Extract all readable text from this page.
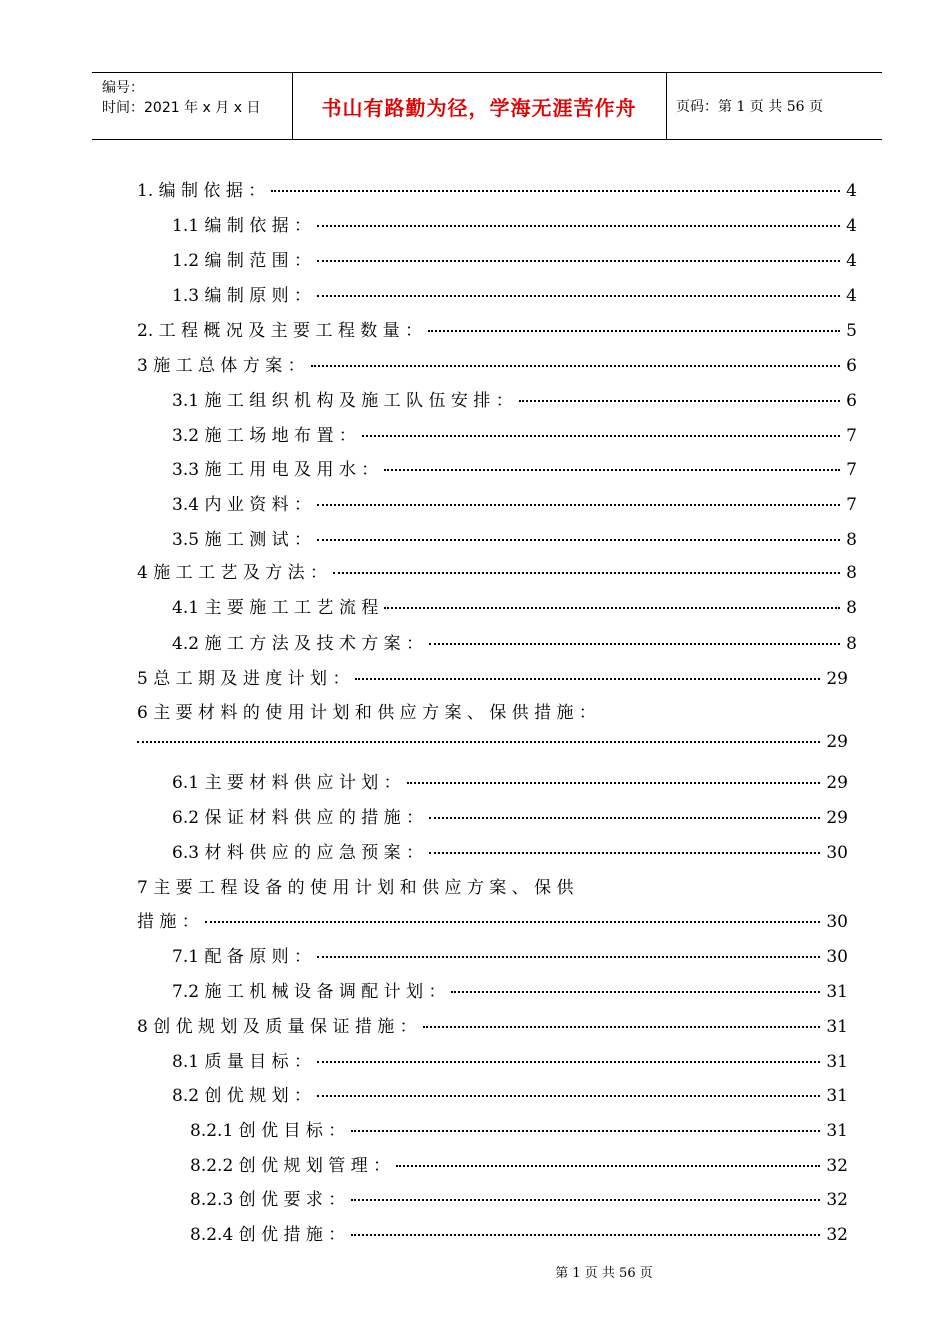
编号：
时间：2021 年 x 月 x 日	书山有路勤为径，学海无涯苦作舟	页码：第 1 页 共 56 页
1. 编 制 依 据 ：	4
1.1 编 制 依 据 ：	4
1.2 编 制 范 围 ：	4
1.3 编 制 原 则 ：	4
2. 工 程 概 况 及 主 要 工 程 数 量 ：	5
3 施 工 总 体 方 案 ：	6
3.1 施 工 组 织 机 构 及 施 工 队 伍 安 排 ：	6
3.2 施 工 场 地 布 置 ：	7
3.3 施 工 用 电 及 用 水 ：	7
3.4 内 业 资 料 ：	7
3.5 施 工 测 试 ：	8
4 施 工 工 艺 及 方 法 ：	8
4.1 主 要 施 工 工 艺 流 程	8
4.2 施 工 方 法 及 技 术 方 案 ：	8
5 总 工 期 及 进 度 计 划 ：	29
6 主 要 材 料 的 使 用 计 划 和 供 应 方 案 、 保 供 措 施 ：
29
6.1 主 要 材 料 供 应 计 划 ：	29
6.2 保 证 材 料 供 应 的 措 施 ：	29
6.3 材 料 供 应 的 应 急 预 案 ：	30
7 主 要 工 程 设 备 的 使 用 计 划 和 供 应 方 案 、 保 供
措 施 ：	30
7.1 配 备 原 则 ：	30
7.2 施 工 机 械 设 备 调 配 计 划 ：	31
8 创 优 规 划 及 质 量 保 证 措 施 ：	31
8.1 质 量 目 标 ：	31
8.2 创 优 规 划 ：	31
8.2.1 创 优 目 标 ：	31
8.2.2 创 优 规 划 管 理 ：	32
8.2.3 创 优 要 求 ：	32
8.2.4 创 优 措 施 ：	32
第 1 页 共 56 页
